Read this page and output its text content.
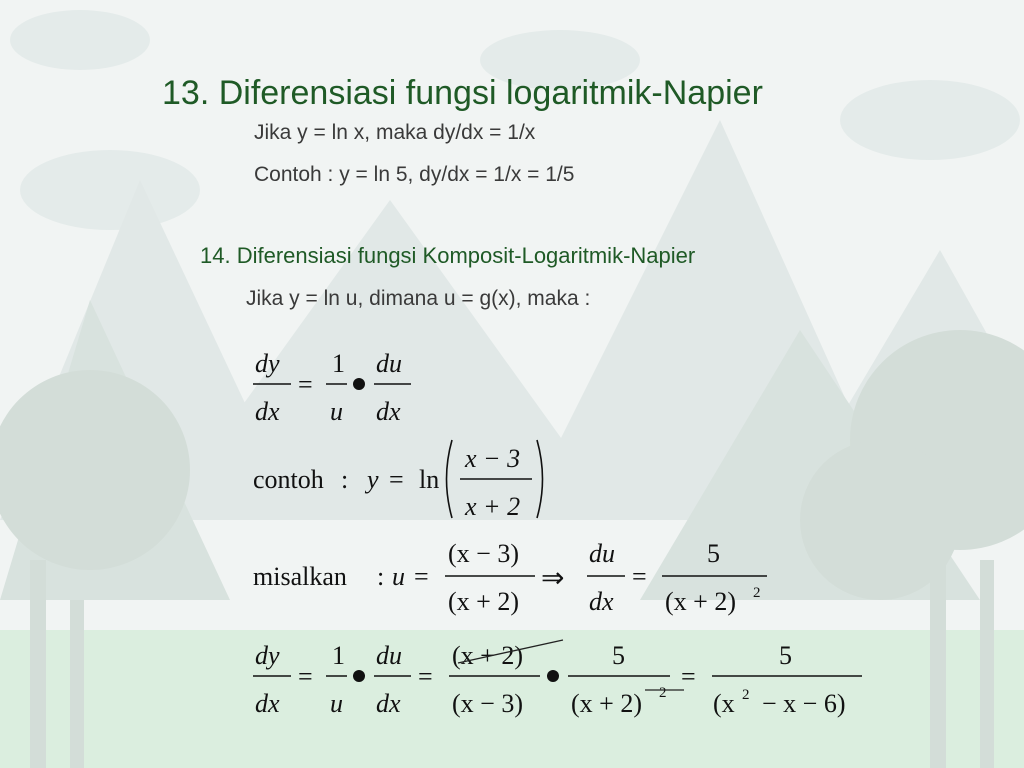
13. Diferensiasi fungsi logaritmik-Napier
Jika y = ln x, maka dy/dx = 1/x
Contoh : y = ln 5, dy/dx = 1/x = 1/5
14. Diferensiasi fungsi Komposit-Logaritmik-Napier
Jika y = ln u, dimana u = g(x), maka :
dy
dx
=
1
u
du
dx
contoh : y = ln
x − 3
x + 2
misalkan : u =
(x − 3)
(x + 2)
⇒
du
dx
=
5
(x + 2) 2
dy
dx
=
1
u
du
dx
=
(x + 2)
(x − 3)
5
(x + 2) 2
=
5
(x 2 − x − 6)
